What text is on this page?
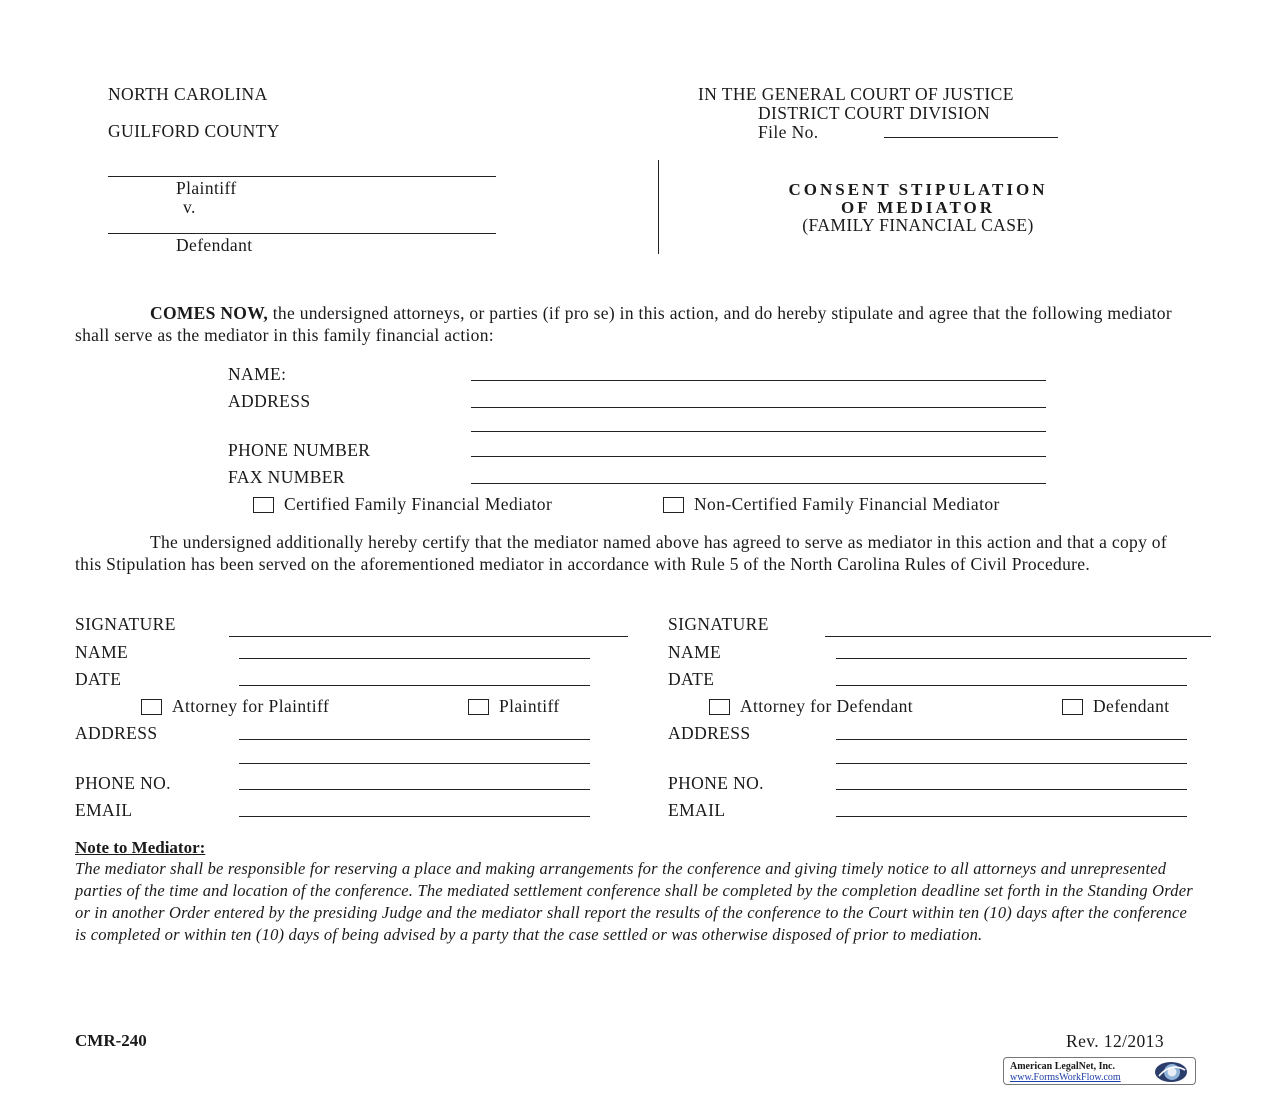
NORTH CAROLINA
GUILFORD COUNTY
IN THE GENERAL COURT OF JUSTICE
DISTRICT COURT DIVISION
File No.
Plaintiff
v.
Defendant
CONSENT STIPULATION
OF MEDIATOR
(FAMILY FINANCIAL CASE)
COMES NOW, the undersigned attorneys, or parties (if pro se) in this action, and do hereby stipulate and agree that the following mediator shall serve as the mediator in this family financial action:
NAME:
ADDRESS
PHONE NUMBER
FAX NUMBER
Certified Family Financial Mediator	Non-Certified Family Financial Mediator
The undersigned additionally hereby certify that the mediator named above has agreed to serve as mediator in this action and that a copy of this Stipulation has been served on the aforementioned mediator in accordance with Rule 5 of the North Carolina Rules of Civil Procedure.
SIGNATURE
NAME
DATE
Attorney for Plaintiff	Plaintiff
ADDRESS
PHONE NO.
EMAIL
SIGNATURE
NAME
DATE
Attorney for Defendant	Defendant
ADDRESS
PHONE NO.
EMAIL
Note to Mediator:
The mediator shall be responsible for reserving a place and making arrangements for the conference and giving timely notice to all attorneys and unrepresented parties of the time and location of the conference. The mediated settlement conference shall be completed by the completion deadline set forth in the Standing Order or in another Order entered by the presiding Judge and the mediator shall report the results of the conference to the Court within ten (10) days after the conference is completed or within ten (10) days of being advised by a party that the case settled or was otherwise disposed of prior to mediation.
CMR-240	Rev. 12/2013
American LegalNet, Inc.
www.FormsWorkFlow.com
